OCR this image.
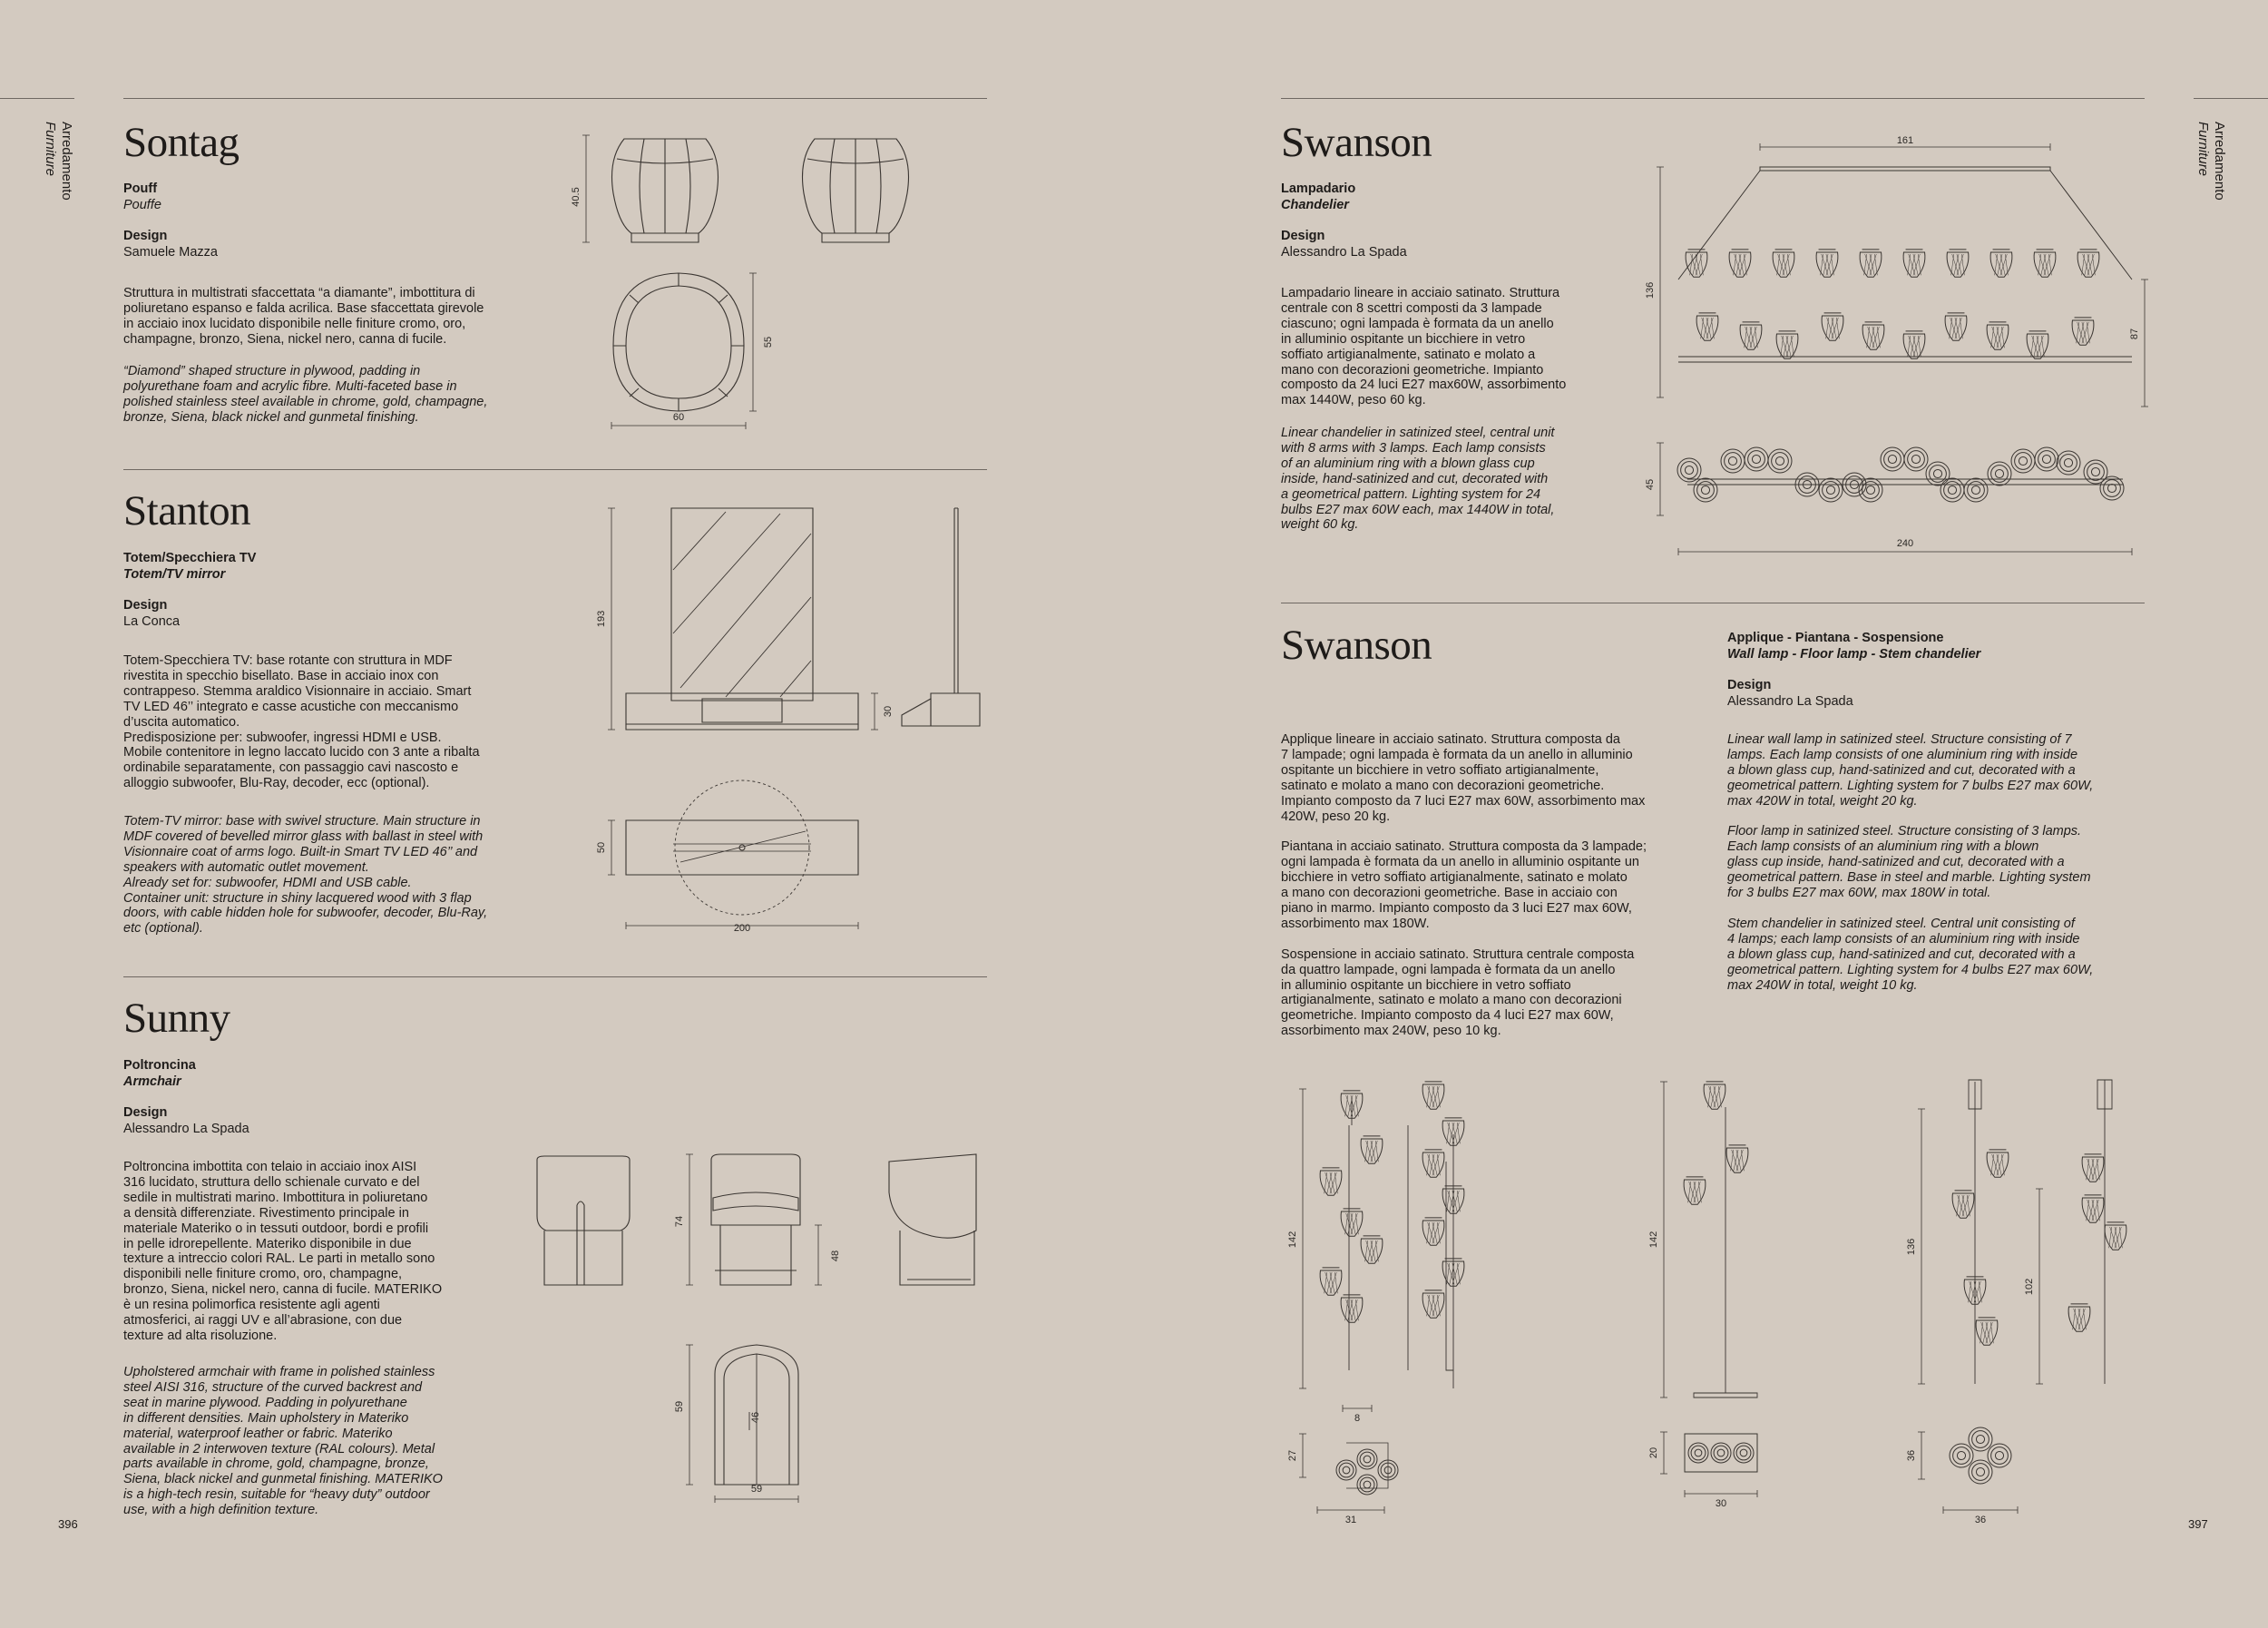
Arredamento
Furniture	Arredamento
Furniture
396	397
Sontag
Pouff
Pouffe
Design
Samuele Mazza
Struttura in multistrati sfaccettata “a diamante”, imbottitura di
poliuretano espanso e falda acrilica. Base sfaccettata girevole
in acciaio inox lucidato disponibile nelle finiture cromo, oro,
champagne, bronzo, Siena, nickel nero, canna di fucile.
“Diamond” shaped structure in plywood, padding in
polyurethane foam and acrylic fibre. Multi-faceted base in
polished stainless steel available in chrome, gold, champagne,
bronze, Siena, black nickel and gunmetal finishing.
40.5
55
60
Stanton
Totem/Specchiera TV
Totem/TV mirror
Design
La Conca
Totem-Specchiera TV: base rotante con struttura in MDF
rivestita in specchio bisellato. Base in acciaio inox con
contrappeso. Stemma araldico Visionnaire in acciaio. Smart
TV LED 46’’ integrato e casse acustiche con meccanismo
d’uscita automatico.
Predisposizione per: subwoofer, ingressi HDMI e USB.
Mobile contenitore in legno laccato lucido con 3 ante a ribalta
ordinabile separatamente, con passaggio cavi nascosto e
alloggio subwoofer, Blu-Ray, decoder, ecc (optional).
Totem-TV mirror: base with swivel structure. Main structure in
MDF covered of bevelled mirror glass with ballast in steel with
Visionnaire coat of arms logo. Built-in Smart TV LED 46’’ and
speakers with automatic outlet movement.
Already set for: subwoofer, HDMI and USB cable.
Container unit: structure in shiny lacquered wood with 3 flap
doors, with cable hidden hole for subwoofer, decoder, Blu-Ray,
etc (optional).
193
30
50
200
Sunny
Poltroncina
Armchair
Design
Alessandro La Spada
Poltroncina imbottita con telaio in acciaio inox AISI
316 lucidato, struttura dello schienale curvato e del
sedile in multistrati marino. Imbottitura in poliuretano
a densità differenziate. Rivestimento principale in
materiale Materiko o in tessuti outdoor, bordi e profili
in pelle idrorepellente. Materiko disponibile in due
texture a intreccio colori RAL. Le parti in metallo sono
disponibili nelle finiture cromo, oro, champagne,
bronzo, Siena, nickel nero, canna di fucile. MATERIKO
è un resina polimorfica resistente agli agenti
atmosferici, ai raggi UV e all’abrasione, con due
texture ad alta risoluzione.
Upholstered armchair with frame in polished stainless
steel AISI 316, structure of the curved backrest and
seat in marine plywood. Padding in polyurethane
in different densities. Main upholstery in Materiko
material, waterproof leather or fabric. Materiko
available in 2 interwoven texture (RAL colours). Metal
parts available in chrome, gold, champagne, bronze,
Siena, black nickel and gunmetal finishing. MATERIKO
is a high-tech resin, suitable for “heavy duty” outdoor
use, with a high definition texture.
74
48
59
46
59
Swanson
Lampadario
Chandelier
Design
Alessandro La Spada
Lampadario lineare in acciaio satinato. Struttura
centrale con 8 scettri composti da 3 lampade
ciascuno; ogni lampada è formata da un anello
in alluminio ospitante un bicchiere in vetro
soffiato artigianalmente, satinato e molato a
mano con decorazioni geometriche. Impianto
composto da 24 luci E27 max60W, assorbimento
max 1440W, peso 60 kg.
Linear chandelier in satinized steel, central unit
with 8 arms with 3 lamps. Each lamp consists
of an aluminium ring with a blown glass cup
inside, hand-satinized and cut, decorated with
a geometrical pattern. Lighting system for 24
bulbs E27 max 60W each, max 1440W in total,
weight 60 kg.
161
136
87
45
240
Swanson	Applique - Piantana - Sospensione
Wall lamp - Floor lamp - Stem chandelier
Design
Alessandro La Spada
Applique lineare in acciaio satinato. Struttura composta da
7 lampade; ogni lampada è formata da un anello in alluminio
ospitante un bicchiere in vetro soffiato artigianalmente,
satinato e molato a mano con decorazioni geometriche.
Impianto composto da 7 luci E27 max 60W, assorbimento max
420W, peso 20 kg.

Piantana in acciaio satinato. Struttura composta da 3 lampade;
ogni lampada è formata da un anello in alluminio ospitante un
bicchiere in vetro soffiato artigianalmente, satinato e molato
a mano con decorazioni geometriche. Base in acciaio con
piano in marmo. Impianto composto da 3 luci E27 max 60W,
assorbimento max 180W.

Sospensione in acciaio satinato. Struttura centrale composta
da quattro lampade, ogni lampada è formata da un anello
in alluminio ospitante un bicchiere in vetro soffiato
artigianalmente, satinato e molato a mano con decorazioni
geometriche. Impianto composto da 4 luci E27 max 60W,
assorbimento max 240W, peso 10 kg.
Linear wall lamp in satinized steel. Structure consisting of 7
lamps. Each lamp consists of one aluminium ring with inside
a blown glass cup, hand-satinized and cut, decorated with a
geometrical pattern. Lighting system for 7 bulbs E27 max 60W,
max 420W in total, weight 20 kg.

Floor lamp in satinized steel. Structure consisting of 3 lamps.
Each lamp consists of an aluminium ring with a blown
glass cup inside, hand-satinized and cut, decorated with a
geometrical pattern. Base in steel and marble. Lighting system
for 3 bulbs E27 max 60W, max 180W in total.

Stem chandelier in satinized steel. Central unit consisting of
4 lamps; each lamp consists of an aluminium ring with inside
a blown glass cup, hand-satinized and cut, decorated with a
geometrical pattern. Lighting system for 4 bulbs E27 max 60W,
max 240W in total, weight 10 kg.
142
8
27
31
142
20
30
136
102
36
36
